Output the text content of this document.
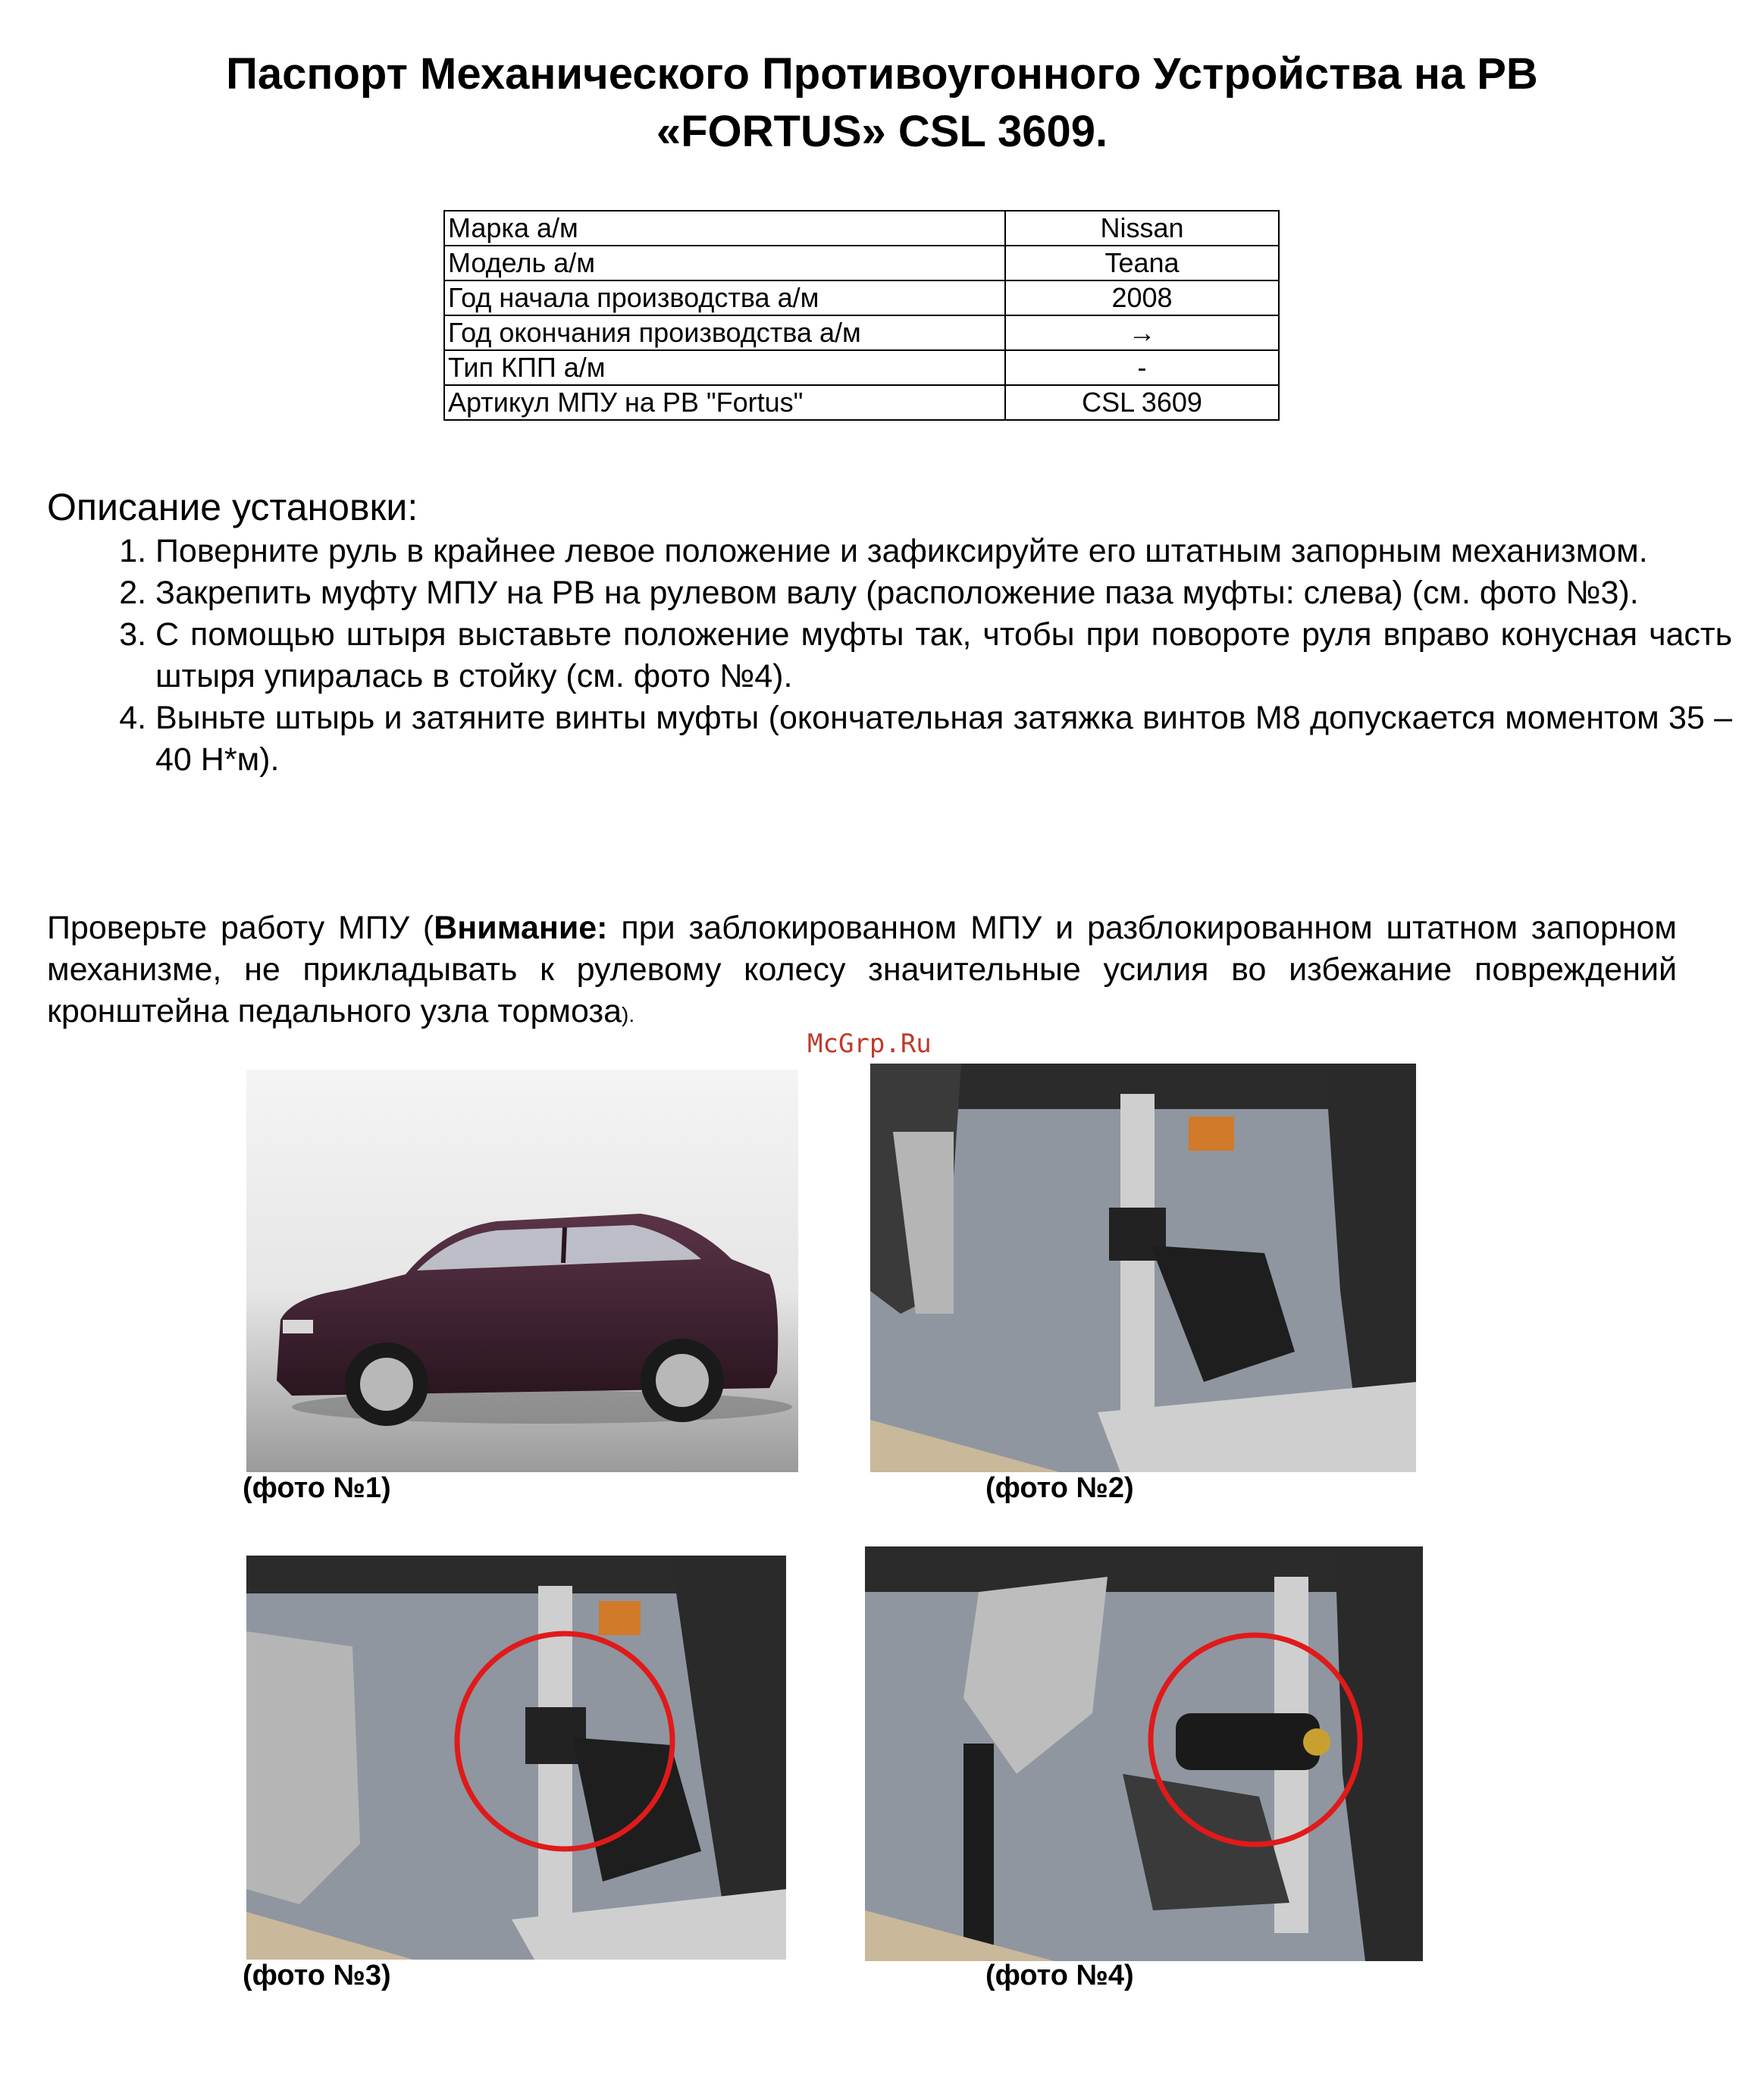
Паспорт Механического Противоугонного Устройства на РВ
«FORTUS» CSL 3609.
Марка а/м	Nissan
Модель а/м	Teana
Год начала производства а/м	2008
Год окончания производства а/м	→
Тип КПП а/м	-
Артикул МПУ на РВ "Fortus"	CSL 3609
Описание установки:
1. Поверните руль в крайнее левое положение и зафиксируйте его штатным запорным механизмом.
2. Закрепить муфту МПУ на РВ на рулевом валу (расположение паза муфты: слева) (см. фото №3).
3. С помощью штыря выставьте положение муфты так, чтобы при повороте руля вправо конусная часть штыря упиралась в стойку (см. фото №4).
4. Выньте штырь и затяните винты муфты (окончательная затяжка винтов М8 допускается моментом 35 – 40 Н*м).
Проверьте работу МПУ (Внимание: при заблокированном МПУ и разблокированном штатном запорном механизме, не прикладывать к рулевому колесу значительные усилия во избежание повреждений кронштейна педального узла тормоза).
McGrp.Ru
(фото №1)	(фото №2)
(фото №3)	(фото №4)
